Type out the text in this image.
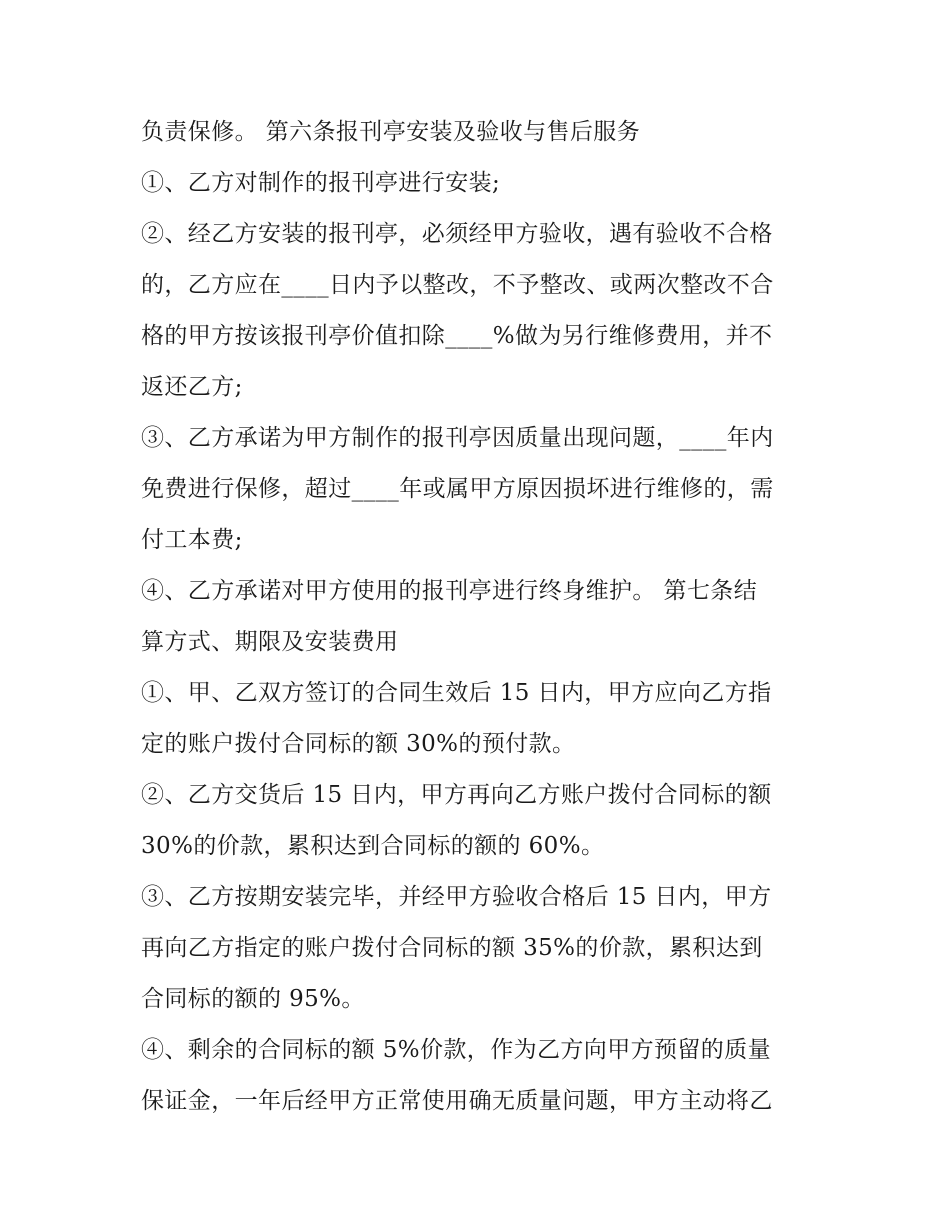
负责保修。 第六条报刊亭安装及验收与售后服务
①、乙方对制作的报刊亭进行安装;
②、经乙方安装的报刊亭，必须经甲方验收，遇有验收不合格
的，乙方应在____日内予以整改，不予整改、或两次整改不合
格的甲方按该报刊亭价值扣除____%做为另行维修费用，并不
返还乙方;
③、乙方承诺为甲方制作的报刊亭因质量出现问题，____年内
免费进行保修，超过____年或属甲方原因损坏进行维修的，需
付工本费;
④、乙方承诺对甲方使用的报刊亭进行终身维护。 第七条结
算方式、期限及安装费用
①、甲、乙双方签订的合同生效后 15 日内，甲方应向乙方指
定的账户拨付合同标的额 30%的预付款。
②、乙方交货后 15 日内，甲方再向乙方账户拨付合同标的额
30%的价款，累积达到合同标的额的 60%。
③、乙方按期安装完毕，并经甲方验收合格后 15 日内，甲方
再向乙方指定的账户拨付合同标的额 35%的价款，累积达到
合同标的额的 95%。
④、剩余的合同标的额 5%价款，作为乙方向甲方预留的质量
保证金，一年后经甲方正常使用确无质量问题，甲方主动将乙
